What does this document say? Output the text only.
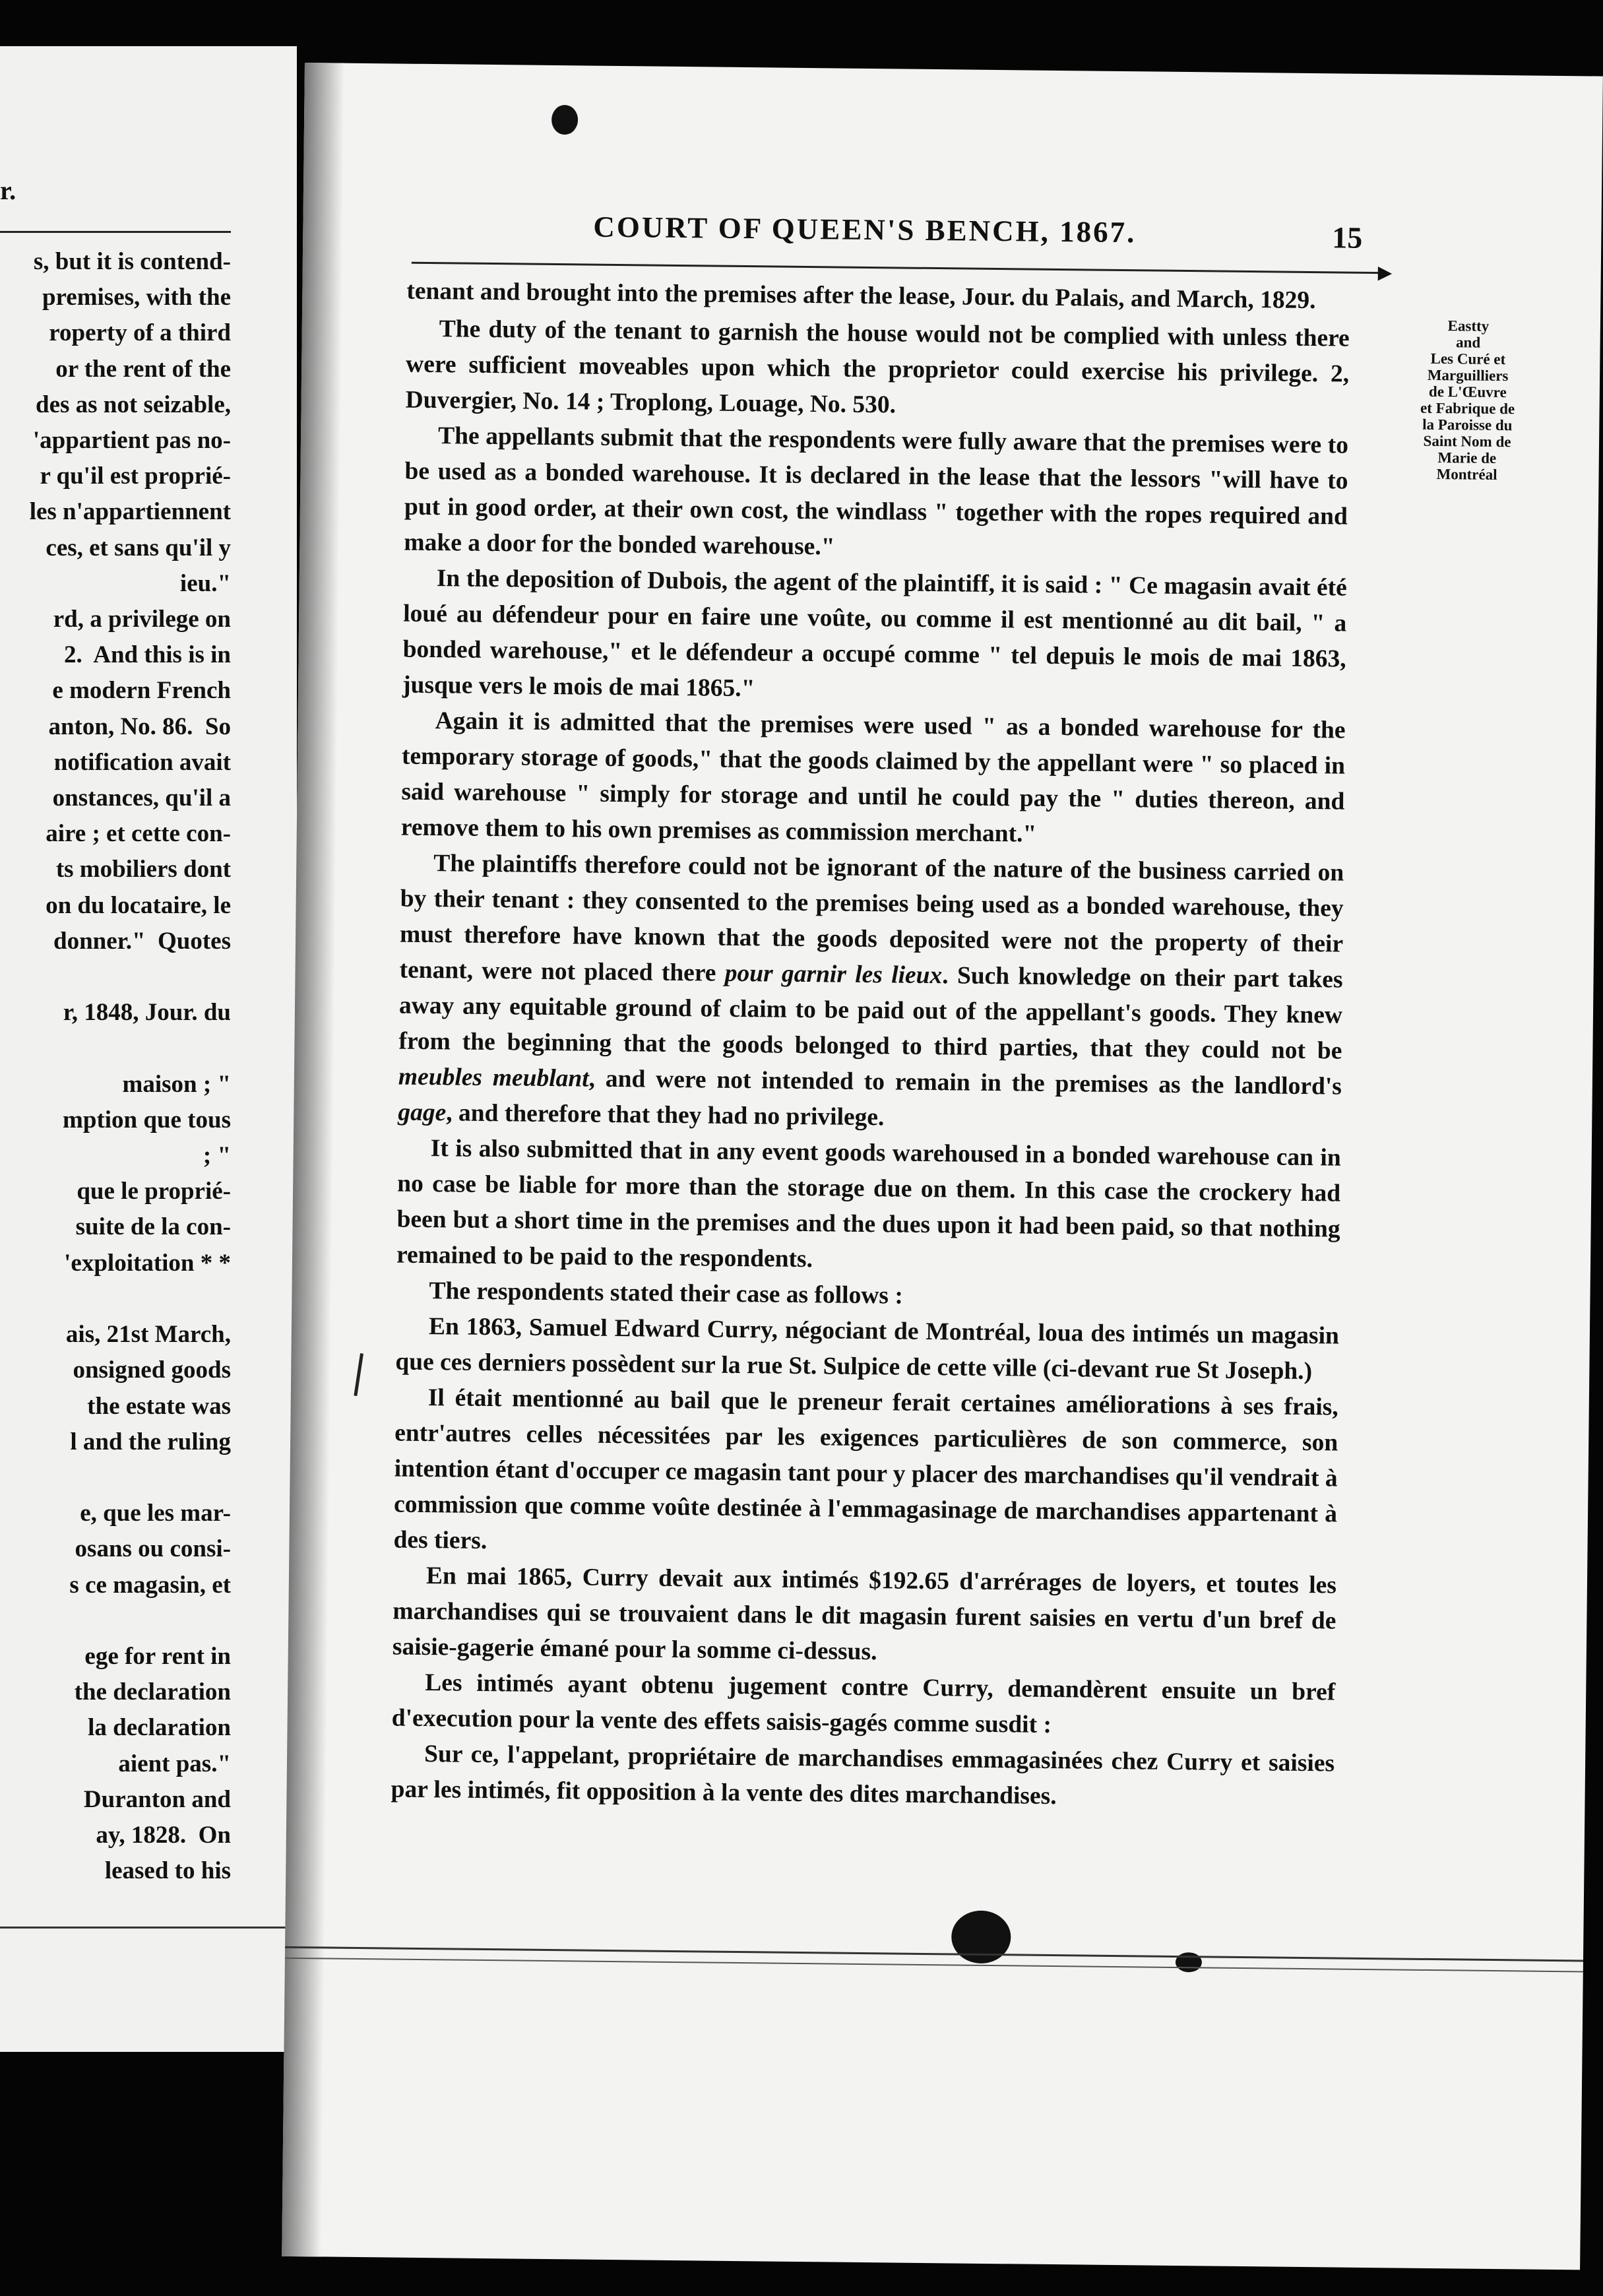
r.
s, but it is contend-
premises, with the
roperty of a third
or the rent of the
des as not seizable,
'appartient pas no-
r qu'il est proprié-
les n'appartiennent
ces, et sans qu'il y
ieu."
rd, a privilege on
2.  And this is in
e modern French
anton, No. 86.  So
notification avait
onstances, qu'il a
aire ; et cette con-
ts mobiliers dont
on du locataire, le
donner."  Quotes

r, 1848, Jour. du

maison ; "
mption que tous
; "
que le proprié-
suite de la con-
'exploitation * *

ais, 21st March,
onsigned goods
the estate was
l and the ruling

e, que les mar-
osans ou consi-
s ce magasin, et

ege for rent in
the declaration
la declaration
aient pas."
Duranton and
ay, 1828.  On
leased to his
COURT OF QUEEN'S BENCH, 1867.	15
▶
Eastty
and
Les Curé et
Marguilliers
de L'Œuvre
et Fabrique de
la Paroisse du
Saint Nom de
Marie de
Montréal

tenant and brought into the premises after the lease, Jour. du Palais, and March, 1829.

The duty of the tenant to garnish the house would not be complied with unless there were sufficient moveables upon which the proprietor could exercise his privilege. 2, Duvergier, No. 14 ; Troplong, Louage, No. 530.

The appellants submit that the respondents were fully aware that the premises were to be used as a bonded warehouse. It is declared in the lease that the lessors "will have to put in good order, at their own cost, the windlass " together with the ropes required and make a door for the bonded warehouse."

In the deposition of Dubois, the agent of the plaintiff, it is said : " Ce magasin avait été loué au défendeur pour en faire une voûte, ou comme il est mentionné au dit bail, " a bonded warehouse," et le défendeur a occupé comme " tel depuis le mois de mai 1863, jusque vers le mois de mai 1865."

Again it is admitted that the premises were used " as a bonded warehouse for the temporary storage of goods," that the goods claimed by the appellant were " so placed in said warehouse " simply for storage and until he could pay the " duties thereon, and remove them to his own premises as commission merchant."

The plaintiffs therefore could not be ignorant of the nature of the business carried on by their tenant : they consented to the premises being used as a bonded warehouse, they must therefore have known that the goods deposited were not the property of their tenant, were not placed there pour garnir les lieux. Such knowledge on their part takes away any equitable ground of claim to be paid out of the appellant's goods. They knew from the beginning that the goods belonged to third parties, that they could not be meubles meublant, and were not intended to remain in the premises as the landlord's gage, and therefore that they had no privilege.

It is also submitted that in any event goods warehoused in a bonded warehouse can in no case be liable for more than the storage due on them. In this case the crockery had been but a short time in the premises and the dues upon it had been paid, so that nothing remained to be paid to the respondents.

The respondents stated their case as follows :

En 1863, Samuel Edward Curry, négociant de Montréal, loua des intimés un magasin que ces derniers possèdent sur la rue St. Sulpice de cette ville (ci-devant rue St Joseph.)

Il était mentionné au bail que le preneur ferait certaines améliorations à ses frais, entr'autres celles nécessitées par les exigences particulières de son commerce, son intention étant d'occuper ce magasin tant pour y placer des marchandises qu'il vendrait à commission que comme voûte destinée à l'emmagasinage de marchandises appartenant à des tiers.

En mai 1865, Curry devait aux intimés $192.65 d'arrérages de loyers, et toutes les marchandises qui se trouvaient dans le dit magasin furent saisies en vertu d'un bref de saisie-gagerie émané pour la somme ci-dessus.

Les intimés ayant obtenu jugement contre Curry, demandèrent ensuite un bref d'execution pour la vente des effets saisis-gagés comme susdit :

Sur ce, l'appelant, propriétaire de marchandises emmagasinées chez Curry et saisies par les intimés, fit opposition à la vente des dites marchandises.
